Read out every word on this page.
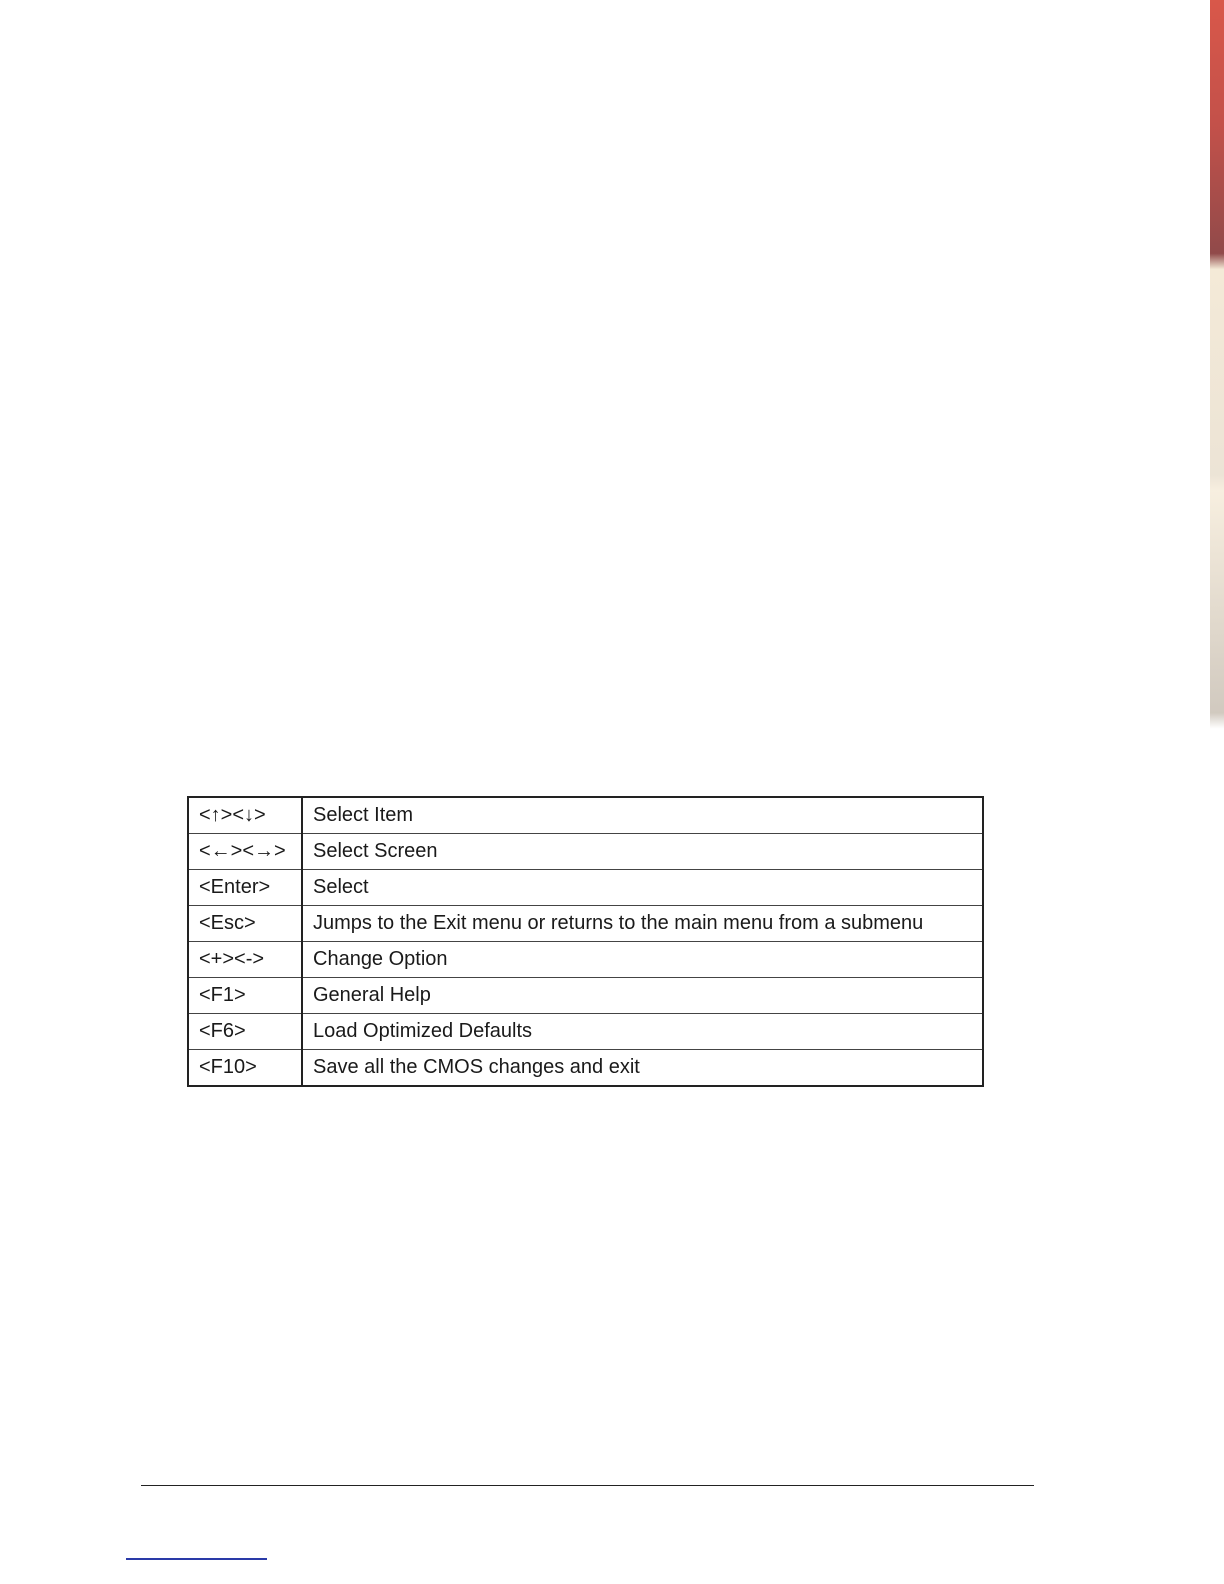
<↑><↓>	Select Item
<←><→>	Select Screen
<Enter>	Select
<Esc>	Jumps to the Exit menu or returns to the main menu from a submenu
<+><->	Change Option
<F1>	General Help
<F6>	Load Optimized Defaults
<F10>	Save all the CMOS changes and exit
